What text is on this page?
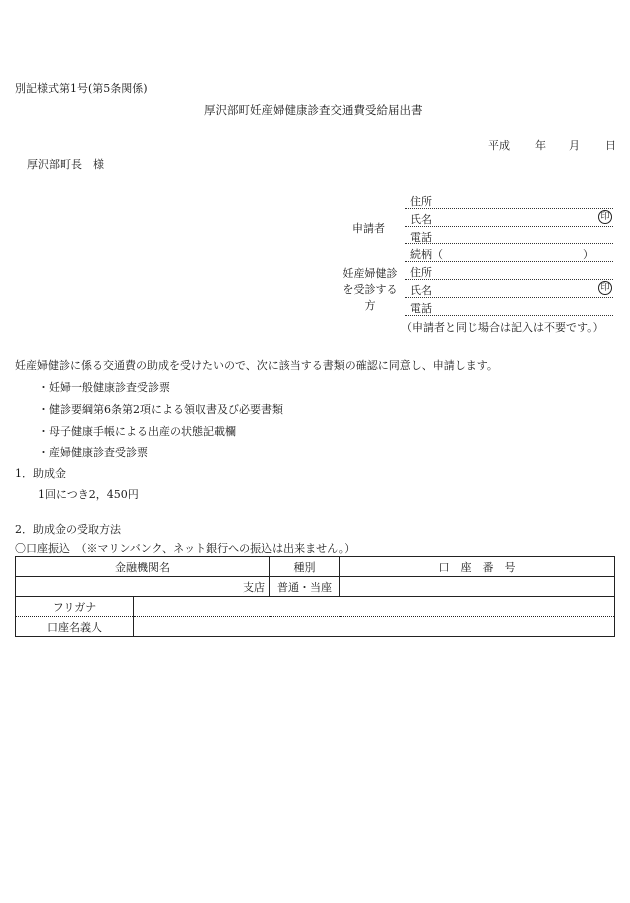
別記様式第1号(第5条関係)
厚沢部町妊産婦健康診査交通費受給届出書
平成 年 月 日
厚沢部町長　様
申請者
住所
氏名	印
電話
続柄（	）
妊産婦健診
を受診する
方
住所
氏名	印
電話
（申請者と同じ場合は記入は不要です。）
妊産婦健診に係る交通費の助成を受けたいので、次に該当する書類の確認に同意し、申請します。
・妊婦一般健康診査受診票
・健診要綱第6条第2項による領収書及び必要書類
・母子健康手帳による出産の状態記載欄
・産婦健康診査受診票
1．助成金
1回につき2，450円
2．助成金の受取方法
〇口座振込　（※マリンバンク、ネット銀行への振込は出来ません。）
金融機関名		種別	口　座　番　号
支店		普通・当座	
フリガナ			
口座名義人			
